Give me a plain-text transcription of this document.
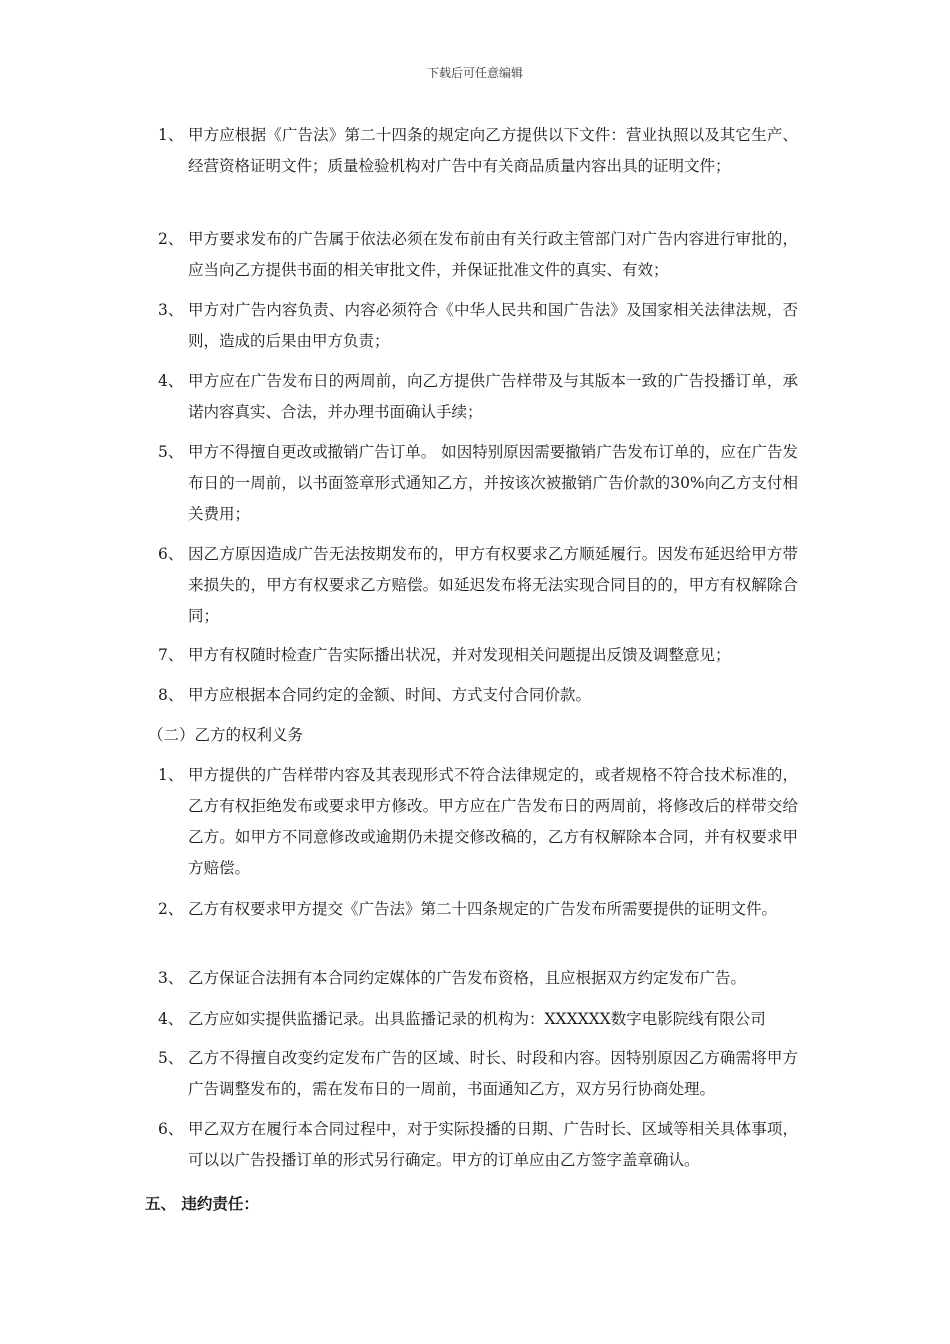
下载后可任意编辑
1、 甲方应根据《广告法》第二十四条的规定向乙方提供以下文件：营业执照以及其它生产、经营资格证明文件；质量检验机构对广告中有关商品质量内容出具的证明文件；
2、 甲方要求发布的广告属于依法必须在发布前由有关行政主管部门对广告内容进行审批的，应当向乙方提供书面的相关审批文件，并保证批准文件的真实、有效；
3、 甲方对广告内容负责、内容必须符合《中华人民共和国广告法》及国家相关法律法规，否则，造成的后果由甲方负责；
4、 甲方应在广告发布日的两周前，向乙方提供广告样带及与其版本一致的广告投播订单，承诺内容真实、合法，并办理书面确认手续；
5、 甲方不得擅自更改或撤销广告订单。 如因特别原因需要撤销广告发布订单的，应在广告发布日的一周前，以书面签章形式通知乙方，并按该次被撤销广告价款的30%向乙方支付相关费用；
6、 因乙方原因造成广告无法按期发布的，甲方有权要求乙方顺延履行。因发布延迟给甲方带来损失的，甲方有权要求乙方赔偿。如延迟发布将无法实现合同目的的，甲方有权解除合同；
7、 甲方有权随时检查广告实际播出状况，并对发现相关问题提出反馈及调整意见；
8、 甲方应根据本合同约定的金额、时间、方式支付合同价款。
（二）乙方的权利义务
1、 甲方提供的广告样带内容及其表现形式不符合法律规定的，或者规格不符合技术标准的，乙方有权拒绝发布或要求甲方修改。甲方应在广告发布日的两周前，将修改后的样带交给乙方。如甲方不同意修改或逾期仍未提交修改稿的，乙方有权解除本合同，并有权要求甲方赔偿。
2、 乙方有权要求甲方提交《广告法》第二十四条规定的广告发布所需要提供的证明文件。
3、 乙方保证合法拥有本合同约定媒体的广告发布资格，且应根据双方约定发布广告。
4、 乙方应如实提供监播记录。出具监播记录的机构为：XXXXXX数字电影院线有限公司
5、 乙方不得擅自改变约定发布广告的区域、时长、时段和内容。因特别原因乙方确需将甲方广告调整发布的，需在发布日的一周前，书面通知乙方，双方另行协商处理。
6、 甲乙双方在履行本合同过程中，对于实际投播的日期、广告时长、区域等相关具体事项，可以以广告投播订单的形式另行确定。甲方的订单应由乙方签字盖章确认。
五、 违约责任：
